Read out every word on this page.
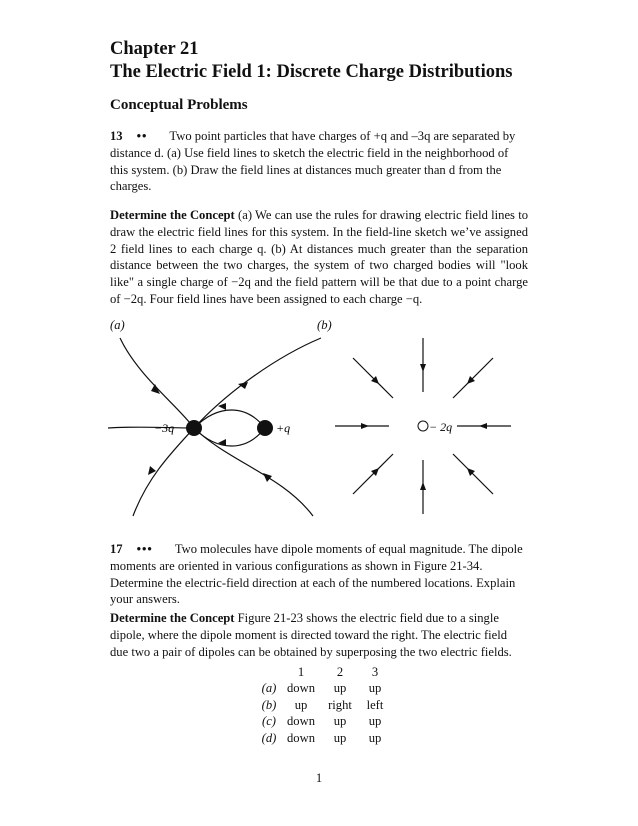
Chapter 21
The Electric Field 1: Discrete Charge Distributions
Conceptual Problems
13 •• Two point particles that have charges of +q and –3q are separated by distance d. (a) Use field lines to sketch the electric field in the neighborhood of this system. (b) Draw the field lines at distances much greater than d from the charges.
Determine the Concept (a) We can use the rules for drawing electric field lines to draw the electric field lines for this system. In the field-line sketch we’ve assigned 2 field lines to each charge q. (b) At distances much greater than the separation distance between the two charges, the system of two charged bodies will "look like" a single charge of −2q and the field pattern will be that due to a point charge of −2q. Four field lines have been assigned to each charge −q.
(a)	(b)
−3q	+q	− 2q
17 ••• Two molecules have dipole moments of equal magnitude. The dipole moments are oriented in various configurations as shown in Figure 21-34. Determine the electric-field direction at each of the numbered locations. Explain your answers.
Determine the Concept Figure 21-23 shows the electric field due to a single dipole, where the dipole moment is directed toward the right. The electric field due two a pair of dipoles can be obtained by superposing the two electric fields.
	1	2	3
(a)	down	up	up
(b)	up	right	left
(c)	down	up	up
(d)	down	up	up
1
